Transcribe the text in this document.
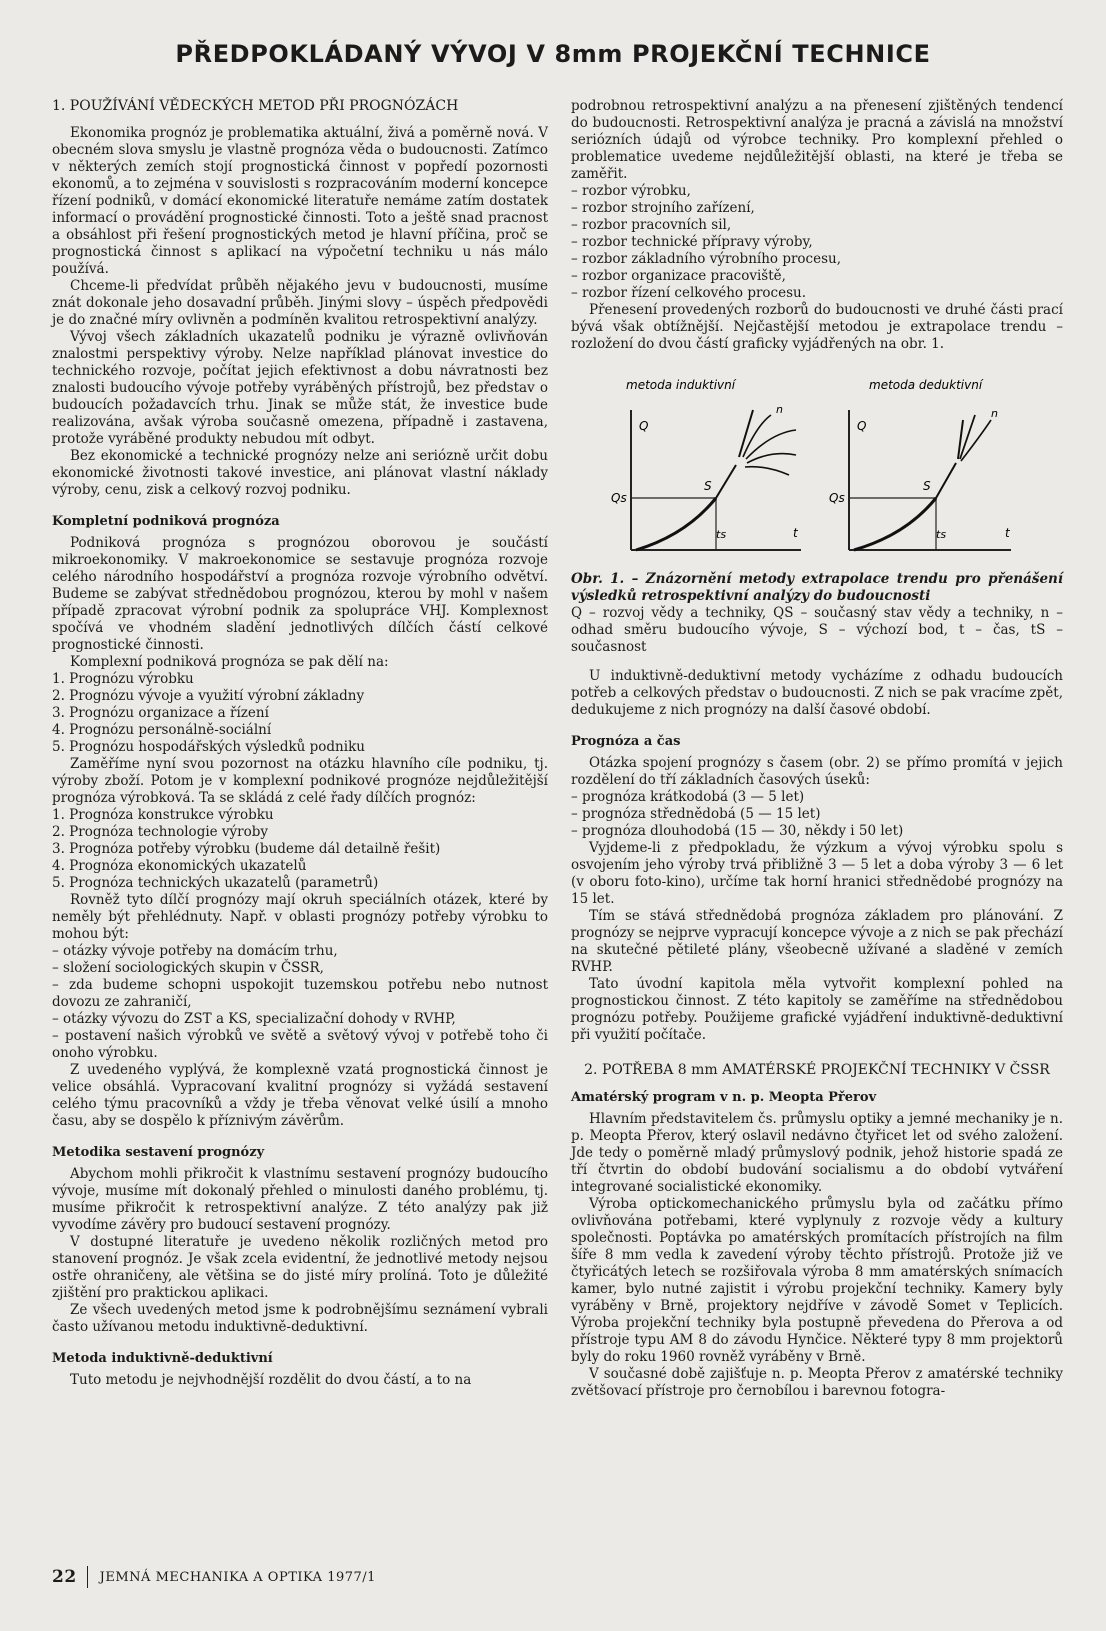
PŘEDPOKLÁDANÝ VÝVOJ V 8mm PROJEKČNÍ TECHNICE
1. POUŽÍVÁNÍ VĚDECKÝCH METOD PŘI PROGNÓZÁCH

Ekonomika prognóz je problematika aktuální, živá a poměrně nová. V obecném slova smyslu je vlastně prognóza věda o budoucnosti. Zatímco v některých zemích stojí prognostická činnost v popředí pozornosti ekonomů, a to zejména v souvislosti s rozpracováním moderní koncepce řízení podniků, v domácí ekonomické literatuře nemáme zatím dostatek informací o provádění prognostické činnosti. Toto a ještě snad pracnost a obsáhlost při řešení prognostických metod je hlavní příčina, proč se prognostická činnost s aplikací na výpočetní techniku u nás málo používá.

Chceme-li předvídat průběh nějakého jevu v budoucnosti, musíme znát dokonale jeho dosavadní průběh. Jinými slovy – úspěch předpovědi je do značné míry ovlivněn a podmíněn kvalitou retrospektivní analýzy.

Vývoj všech základních ukazatelů podniku je výrazně ovlivňován znalostmi perspektivy výroby. Nelze například plánovat investice do technického rozvoje, počítat jejich efektivnost a dobu návratnosti bez znalosti budoucího vývoje potřeby vyráběných přístrojů, bez představ o budoucích požadavcích trhu. Jinak se může stát, že investice bude realizována, avšak výroba současně omezena, případně i zastavena, protože vyráběné produkty nebudou mít odbyt.

Bez ekonomické a technické prognózy nelze ani seriózně určit dobu ekonomické životnosti takové investice, ani plánovat vlastní náklady výroby, cenu, zisk a celkový rozvoj podniku.

Kompletní podniková prognóza

Podniková prognóza s prognózou oborovou je součástí mikroekonomiky. V makroekonomice se sestavuje prognóza rozvoje celého národního hospodářství a prognóza rozvoje výrobního odvětví. Budeme se zabývat střednědobou prognózou, kterou by mohl v našem případě zpracovat výrobní podnik za spolupráce VHJ. Komplexnost spočívá ve vhodném sladění jednotlivých dílčích částí celkové prognostické činnosti.

Komplexní podniková prognóza se pak dělí na:

1. Prognózu výrobku

2. Prognózu vývoje a využití výrobní základny

3. Prognózu organizace a řízení

4. Prognózu personálně-sociální

5. Prognózu hospodářských výsledků podniku

Zaměříme nyní svou pozornost na otázku hlavního cíle podniku, tj. výroby zboží. Potom je v komplexní podnikové prognóze nejdůležitější prognóza výrobková. Ta se skládá z celé řady dílčích prognóz:

1. Prognóza konstrukce výrobku

2. Prognóza technologie výroby

3. Prognóza potřeby výrobku (budeme dál detailně řešit)

4. Prognóza ekonomických ukazatelů

5. Prognóza technických ukazatelů (parametrů)

Rovněž tyto dílčí prognózy mají okruh speciálních otázek, které by neměly být přehlédnuty. Např. v oblasti prognózy potřeby výrobku to mohou být:

– otázky vývoje potřeby na domácím trhu,

– složení sociologických skupin v ČSSR,

– zda budeme schopni uspokojit tuzemskou potřebu nebo nutnost dovozu ze zahraničí,

– otázky vývozu do ZST a KS, specializační dohody v RVHP,

– postavení našich výrobků ve světě a světový vývoj v potřebě toho či onoho výrobku.

Z uvedeného vyplývá, že komplexně vzatá prognostická činnost je velice obsáhlá. Vypracovaní kvalitní prognózy si vyžádá sestavení celého týmu pracovníků a vždy je třeba věnovat velké úsilí a mnoho času, aby se dospělo k příznivým závěrům.

Metodika sestavení prognózy

Abychom mohli přikročit k vlastnímu sestavení prognózy budoucího vývoje, musíme mít dokonalý přehled o minulosti daného problému, tj. musíme přikročit k retrospektivní analýze. Z této analýzy pak již vyvodíme závěry pro budoucí sestavení prognózy.

V dostupné literatuře je uvedeno několik rozličných metod pro stanovení prognóz. Je však zcela evidentní, že jednotlivé metody nejsou ostře ohraničeny, ale většina se do jisté míry prolíná. Toto je důležité zjištění pro praktickou aplikaci.

Ze všech uvedených metod jsme k podrobnějšímu seznámení vybrali často užívanou metodu induktivně-deduktivní.

Metoda induktivně-deduktivní

Tuto metodu je nejvhodnější rozdělit do dvou částí, a to na

podrobnou retrospektivní analýzu a na přenesení zjištěných tendencí do budoucnosti. Retrospektivní analýza je pracná a závislá na množství seriózních údajů od výrobce techniky. Pro komplexní přehled o problematice uvedeme nejdůležitější oblasti, na které je třeba se zaměřit.

– rozbor výrobku,

– rozbor strojního zařízení,

– rozbor pracovních sil,

– rozbor technické přípravy výroby,

– rozbor základního výrobního procesu,

– rozbor organizace pracoviště,

– rozbor řízení celkového procesu.

Přenesení provedených rozborů do budoucnosti ve druhé části prací bývá však obtížnější. Nejčastější metodou je extrapolace trendu – rozložení do dvou částí graficky vyjádřených na obr. 1.

metoda induktivní
Q
Qs
S
ts	t
n
metoda deduktivní
Q
Qs
S
ts	t
n

Obr. 1. – Znázornění metody extrapolace trendu pro přenášení výsledků retrospektivní analýzy do budoucnosti

Q – rozvoj vědy a techniky, QS – současný stav vědy a techniky, n – odhad směru budoucího vývoje, S – výchozí bod, t – čas, tS – současnost

U induktivně-deduktivní metody vycházíme z odhadu budoucích potřeb a celkových představ o budoucnosti. Z nich se pak vracíme zpět, dedukujeme z nich prognózy na další časové období.

Prognóza a čas

Otázka spojení prognózy s časem (obr. 2) se přímo promítá v jejich rozdělení do tří základních časových úseků:

– prognóza krátkodobá (3 — 5 let)

– prognóza střednědobá (5 — 15 let)

– prognóza dlouhodobá (15 — 30, někdy i 50 let)

Vyjdeme-li z předpokladu, že výzkum a vývoj výrobku spolu s osvojením jeho výroby trvá přibližně 3 — 5 let a doba výroby 3 — 6 let (v oboru foto-kino), určíme tak horní hranici střednědobé prognózy na 15 let.

Tím se stává střednědobá prognóza základem pro plánování. Z prognózy se nejprve vypracují koncepce vývoje a z nich se pak přechází na skutečné pětileté plány, všeobecně užívané a sladěné v zemích RVHP.

Tato úvodní kapitola měla vytvořit komplexní pohled na prognostickou činnost. Z této kapitoly se zaměříme na střednědobou prognózu potřeby. Použijeme grafické vyjádření induktivně-deduktivní při využití počítače.

2. POTŘEBA 8 mm AMATÉRSKÉ PROJEKČNÍ TECHNIKY V ČSSR
Amatérský program v n. p. Meopta Přerov

Hlavním představitelem čs. průmyslu optiky a jemné mechaniky je n. p. Meopta Přerov, který oslavil nedávno čtyřicet let od svého založení. Jde tedy o poměrně mladý průmyslový podnik, jehož historie spadá ze tří čtvrtin do období budování socialismu a do období vytváření integrované socialistické ekonomiky.

Výroba optickomechanického průmyslu byla od začátku přímo ovlivňována potřebami, které vyplynuly z rozvoje vědy a kultury společnosti. Poptávka po amatérských promítacích přístrojích na film šíře 8 mm vedla k zavedení výroby těchto přístrojů. Protože již ve čtyřicátých letech se rozšiřovala výroba 8 mm amatérských snímacích kamer, bylo nutné zajistit i výrobu projekční techniky. Kamery byly vyráběny v Brně, projektory nejdříve v závodě Somet v Teplicích. Výroba projekční techniky byla postupně převedena do Přerova a od přístroje typu AM 8 do závodu Hynčice. Některé typy 8 mm projektorů byly do roku 1960 rovněž vyráběny v Brně.

V současné době zajišťuje n. p. Meopta Přerov z amatérské techniky zvětšovací přístroje pro černobílou i barevnou fotogra-

22 JEMNÁ MECHANIKA A OPTIKA 1977/1
